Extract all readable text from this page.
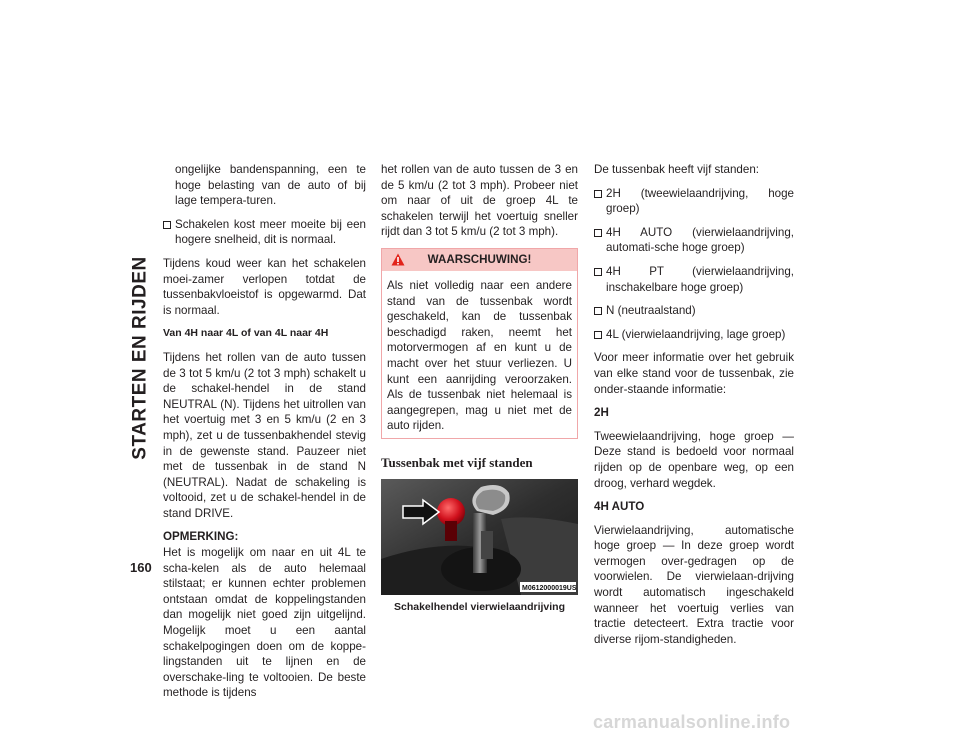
STARTEN EN RIJDEN
160

ongelijke bandenspanning, een te hoge belasting van de auto of bij lage tempera-turen.

Schakelen kost meer moeite bij een hogere snelheid, dit is normaal.

Tijdens koud weer kan het schakelen moei-zamer verlopen totdat de tussenbakvloeistof is opgewarmd. Dat is normaal.

Van 4H naar 4L of van 4L naar 4H

Tijdens het rollen van de auto tussen de 3 tot 5 km/u (2 tot 3 mph) schakelt u de schakel-hendel in de stand NEUTRAL (N). Tijdens het uitrollen van het voertuig met 3 en 5 km/u (2 en 3 mph), zet u de tussenbakhendel stevig in de gewenste stand. Pauzeer niet met de tussenbak in de stand N (NEUTRAL). Nadat de schakeling is voltooid, zet u de schakel-hendel in de stand DRIVE.

OPMERKING:

Het is mogelijk om naar en uit 4L te scha-kelen als de auto helemaal stilstaat; er kunnen echter problemen ontstaan omdat de koppelingstanden dan mogelijk niet goed zijn uitgelijnd. Mogelijk moet u een aantal schakelpogingen doen om de koppe-lingstanden uit te lijnen en de overschake-ling te voltooien. De beste methode is tijdens

het rollen van de auto tussen de 3 en de 5 km/u (2 tot 3 mph). Probeer niet om naar of uit de groep 4L te schakelen terwijl het voertuig sneller rijdt dan 3 tot 5 km/u (2 tot 3 mph).

WAARSCHUWING!
Als niet volledig naar een andere stand van de tussenbak wordt geschakeld, kan de tussenbak beschadigd raken, neemt het motorvermogen af en kunt u de macht over het stuur verliezen. U kunt een aanrijding veroorzaken. Als de tussenbak niet helemaal is aangegrepen, mag u niet met de auto rijden.

Tussenbak met vijf standen

M0612000019US
Schakelhendel vierwielaandrijving

De tussenbak heeft vijf standen:

2H (tweewielaandrijving, hoge groep)
4H AUTO (vierwielaandrijving, automati-sche hoge groep)
4H PT (vierwielaandrijving, inschakelbare hoge groep)
N (neutraalstand)
4L (vierwielaandrijving, lage groep)

Voor meer informatie over het gebruik van elke stand voor de tussenbak, zie onder-staande informatie:

2H

Tweewielaandrijving, hoge groep — Deze stand is bedoeld voor normaal rijden op de openbare weg, op een droog, verhard wegdek.

4H AUTO

Vierwielaandrijving, automatische hoge groep — In deze groep wordt vermogen over-gedragen op de voorwielen. De vierwielaan-drijving wordt automatisch ingeschakeld wanneer het voertuig verlies van tractie detecteert. Extra tractie voor diverse rijom-standigheden.

carmanualsonline.info
